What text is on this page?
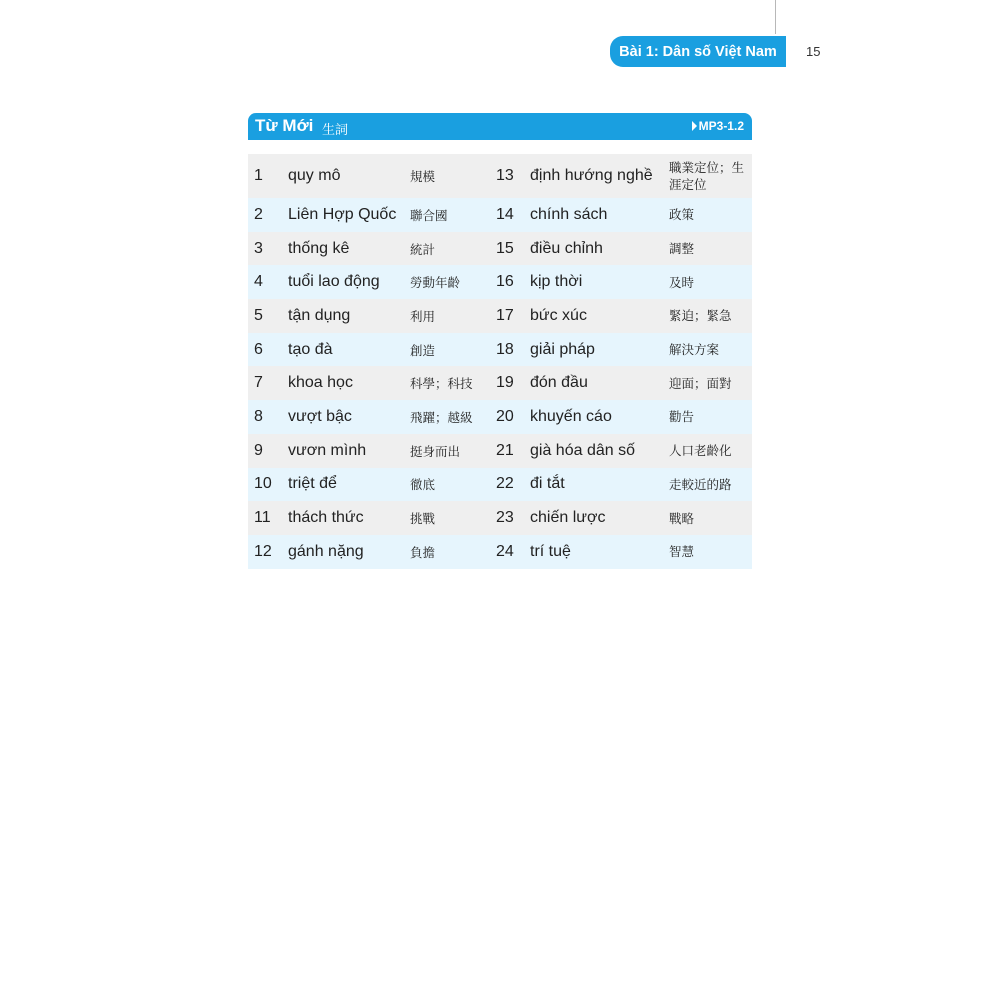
Bài 1: Dân số Việt Nam 15
Từ Mới 生詞	MP3-1.2
1	quy mô	規模	13	định hướng nghề	職業定位；生涯定位
2	Liên Hợp Quốc	聯合國	14	chính sách	政策
3	thống kê	統計	15	điều chỉnh	調整
4	tuổi lao động	勞動年齡	16	kịp thời	及時
5	tận dụng	利用	17	bức xúc	緊迫；緊急
6	tạo đà	創造	18	giải pháp	解決方案
7	khoa học	科學；科技	19	đón đầu	迎面；面對
8	vượt bậc	飛躍；越級	20	khuyến cáo	勸告
9	vươn mình	挺身而出	21	già hóa dân số	人口老齡化
10	triệt để	徹底	22	đi tắt	走較近的路
11	thách thức	挑戰	23	chiến lược	戰略
12	gánh nặng	負擔	24	trí tuệ	智慧
